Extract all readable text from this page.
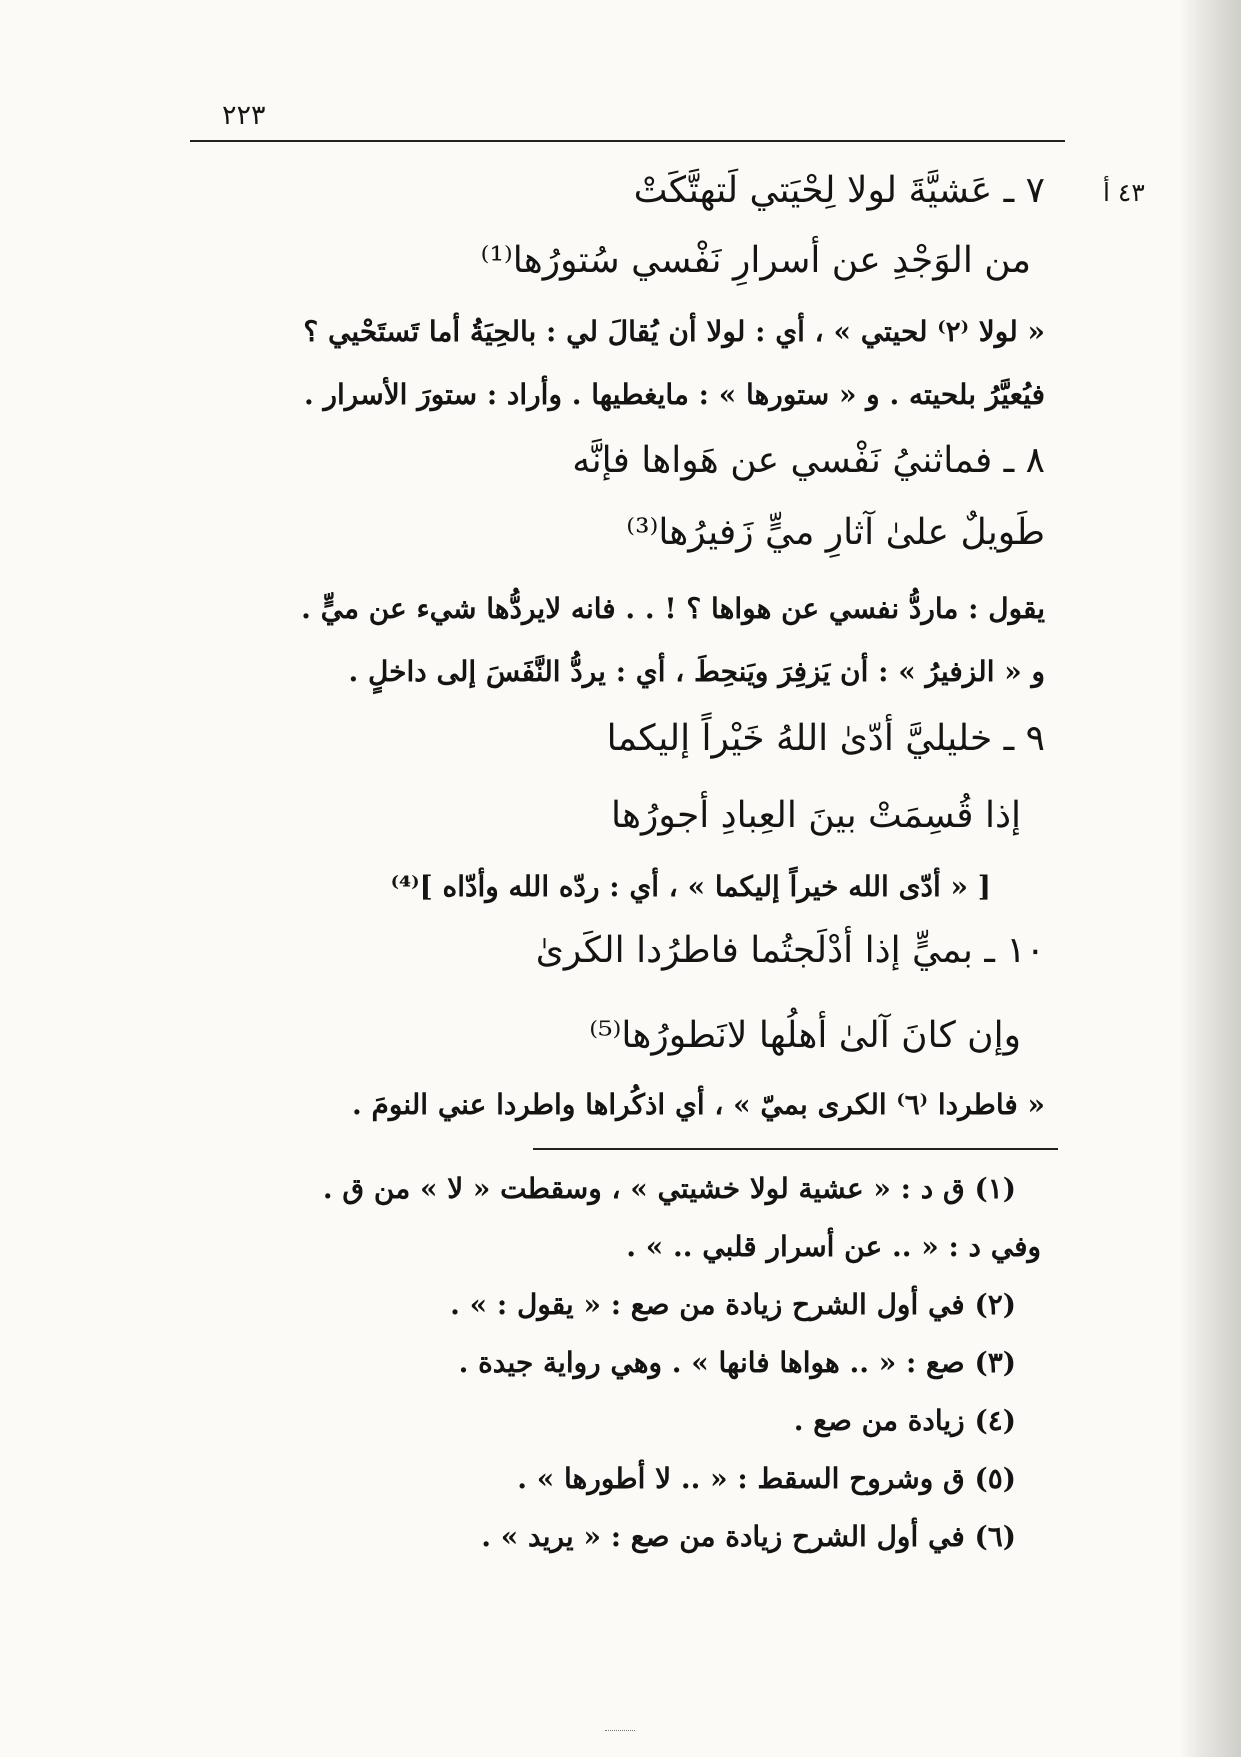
٢٢٣
٤٣ أ
٧ ـ عَشيَّةَ لولا لِحْيَتي لَتهتَّكَتْ
من الوَجْدِ عن أسرارِ نَفْسي سُتورُها⁽¹⁾
« لولا ⁽٢⁾ لحيتي » ، أي : لولا أن يُقالَ لي : بالحِيَةُ أما تَستَحْيي ؟
فيُعيَّرُ بلحيته . و « ستورها » : مايغطيها . وأراد : ستورَ الأسرار .
٨ ـ فماثنيُ نَفْسي عن هَواها فإنَّه
طَويلٌ علىٰ آثارِ ميٍّ زَفيرُها⁽³⁾
يقول : ماردُّ نفسي عن هواها ؟ ! . . فانه لايردُّها شيء عن ميٍّ .
و « الزفيرُ » : أن يَزفِرَ ويَنحِطَ ، أي : يردُّ النَّفَسَ إلى داخلٍ .
٩ ـ خليليَّ أدّىٰ اللهُ خَيْراً إليكما
إذا قُسِمَتْ بينَ العِبادِ أجورُها
[ « أدّى الله خيراً إليكما » ، أي : ردّه الله وأدّاه ]⁽⁴⁾
١٠ ـ بميٍّ إذا أدْلَجتُما فاطرُدا الكَرىٰ
وإن كانَ آلىٰ أهلُها لانَطورُها⁽⁵⁾
« فاطردا ⁽٦⁾ الكرى بميّ » ، أي اذكُراها واطردا عني النومَ .
(١) ق د : « عشية لولا خشيتي » ، وسقطت « لا » من ق .
وفي د : « .. عن أسرار قلبي .. » .
(٢) في أول الشرح زيادة من صع : « يقول : » .
(٣) صع : « .. هواها فانها » . وهي رواية جيدة .
(٤) زيادة من صع .
(٥) ق وشروح السقط : « .. لا أطورها » .
(٦) في أول الشرح زيادة من صع : « يريد » .
